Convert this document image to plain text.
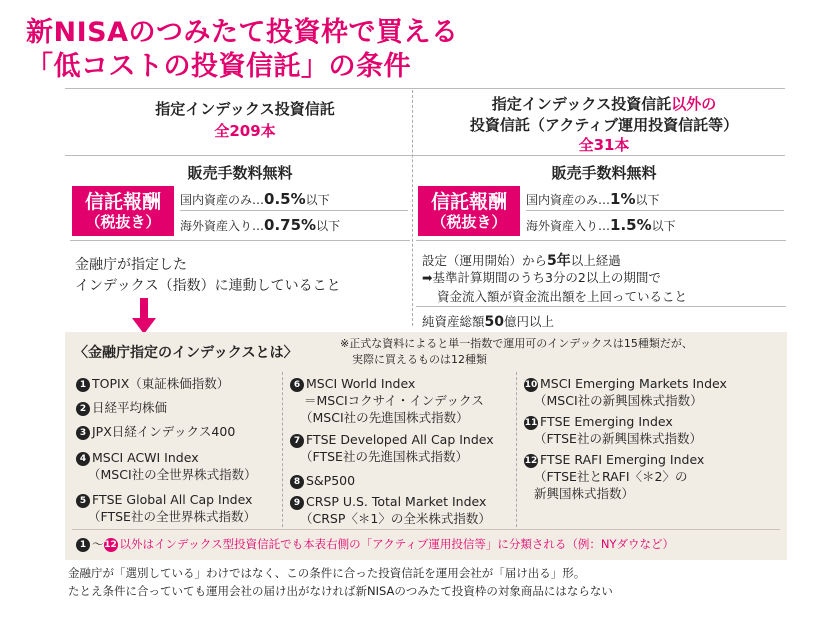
新NISAのつみたて投資枠で買える
「低コストの投資信託」の条件
指定インデックス投資信託
全209本
指定インデックス投資信託以外の
投資信託（アクティブ運用投資信託等）
全31本
販売手数料無料	販売手数料無料
信託報酬
（税抜き）
国内資産のみ…0.5%以下
海外資産入り…0.75%以下
信託報酬
（税抜き）
国内資産のみ…1%以下
海外資産入り…1.5%以下
金融庁が指定した
インデックス（指数）に連動していること
設定（運用開始）から5年以上経過
➡基準計算期間のうち3分の2以上の期間で
資金流入額が資金流出額を上回っていること
純資産総額50億円以上
〈金融庁指定のインデックスとは〉
※正式な資料によると単一指数で運用可のインデックスは15種類だが、
実際に買えるものは12種類
1 TOPIX（東証株価指数）
2 日経平均株価
3 JPX日経インデックス400
4 MSCI ACWI Index
（MSCI社の全世界株式指数）
5 FTSE Global All Cap Index
（FTSE社の全世界株式指数）
6 MSCI World Index
＝MSCIコクサイ・インデックス
（MSCI社の先進国株式指数）
7 FTSE Developed All Cap Index
（FTSE社の先進国株式指数）
8 S&P500
9 CRSP U.S. Total Market Index
（CRSP〈＊1〉の全米株式指数）
10 MSCI Emerging Markets Index
（MSCI社の新興国株式指数）
11 FTSE Emerging Index
（FTSE社の新興国株式指数）
12 FTSE RAFI Emerging Index
（FTSE社とRAFI〈＊2〉の
新興国株式指数）
1 〜12 以外はインデックス型投資信託でも本表右側の「アクティブ運用投信等」に分類される（例：NYダウなど）
金融庁が「選別している」わけではなく、この条件に合った投資信託を運用会社が「届け出る」形。
たとえ条件に合っていても運用会社の届け出がなければ新NISAのつみたて投資枠の対象商品にはならない
